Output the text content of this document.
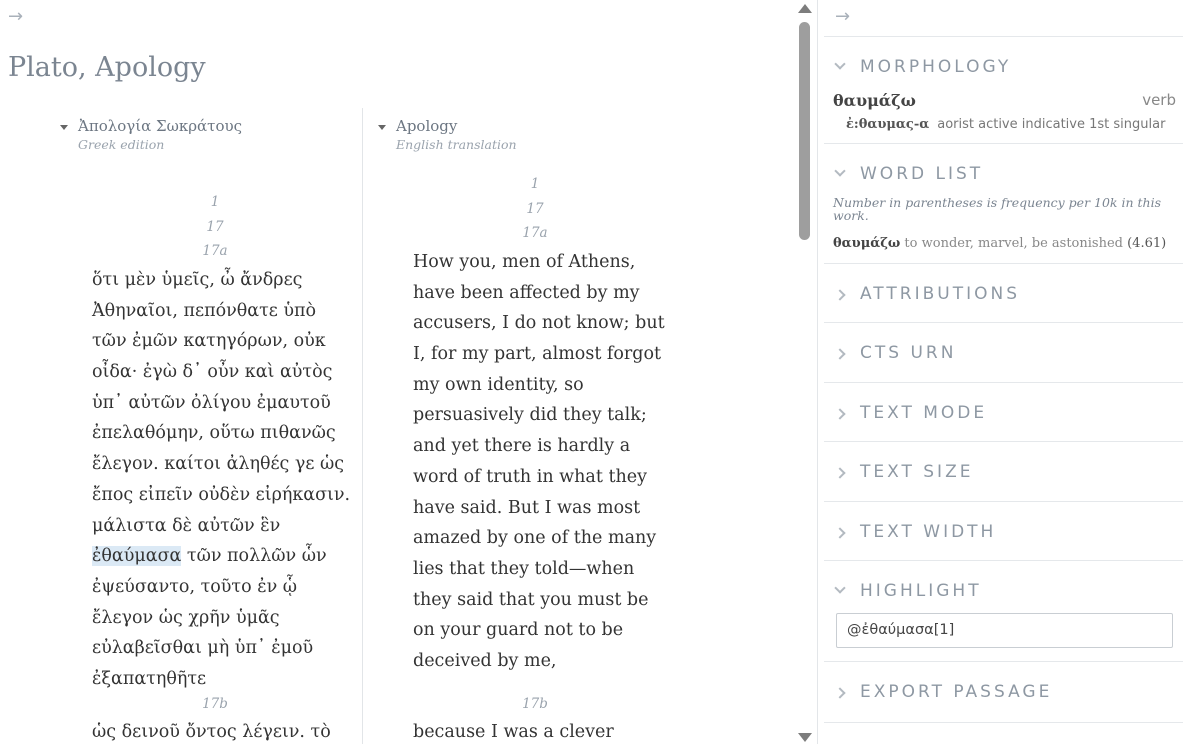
→
Plato, Apology
Ἀπολογία Σωκράτους
Greek edition
1
17
17a
ὅτι μὲν ὑμεῖς, ὦ ἄνδρες
Ἀθηναῖοι, πεπόνθατε ὑπὸ
τῶν ἐμῶν κατηγόρων, οὐκ
οἶδα· ἐγὼ δ᾽ οὖν καὶ αὐτὸς
ὑπ᾽ αὐτῶν ὀλίγου ἐμαυτοῦ
ἐπελαθόμην, οὕτω πιθανῶς
ἔλεγον. καίτοι ἀληθές γε ὡς
ἔπος εἰπεῖν οὐδὲν εἰρήκασιν.
μάλιστα δὲ αὐτῶν ἓν
ἐθαύμασα τῶν πολλῶν ὧν
ἐψεύσαντο, τοῦτο ἐν ᾧ
ἔλεγον ὡς χρῆν ὑμᾶς
εὐλαβεῖσθαι μὴ ὑπ᾽ ἐμοῦ
ἐξαπατηθῆτε
17b
ὡς δεινοῦ ὄντος λέγειν. τὸ
Apology
English translation
1
17
17a
How you, men of Athens,
have been affected by my
accusers, I do not know; but
I, for my part, almost forgot
my own identity, so
persuasively did they talk;
and yet there is hardly a
word of truth in what they
have said. But I was most
amazed by one of the many
lies that they told—when
they said that you must be
on your guard not to be
deceived by me,
17b
because I was a clever
→
MORPHOLOGY
θαυμάζω	verb
ἐ:θαυμας-α aorist active indicative 1st singular
WORD LIST
Number in parentheses is frequency per 10k in this work.
θαυμάζω to wonder, marvel, be astonished (4.61)
ATTRIBUTIONS
CTS URN
TEXT MODE
TEXT SIZE
TEXT WIDTH
HIGHLIGHT
@ἐθαύμασα[1]
EXPORT PASSAGE
